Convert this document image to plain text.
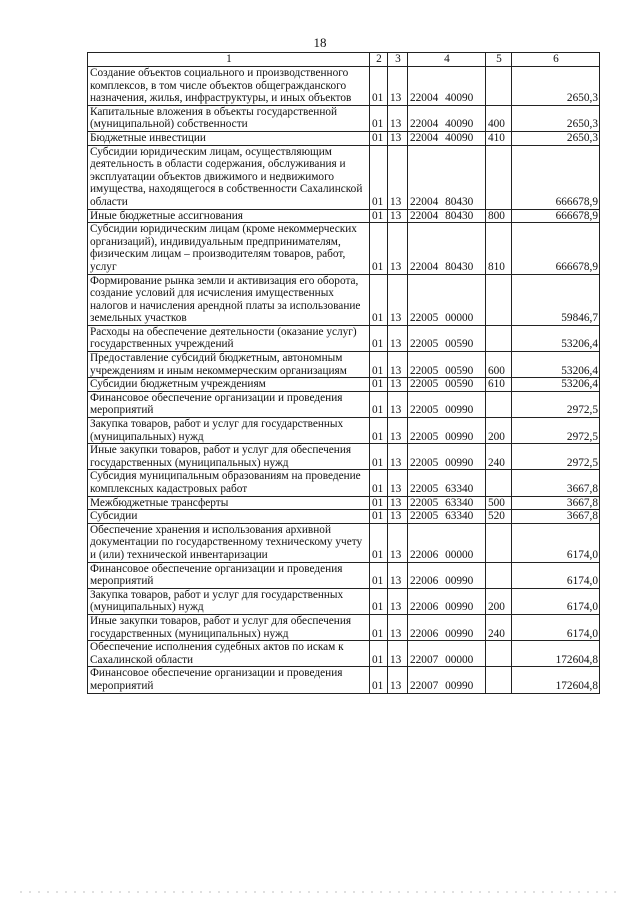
18
1	2	3	4	5	6
Создание объектов социального и производственного комплексов, в том числе объектов общегражданского назначения, жилья, инфраструктуры, и иных объектов	01	13	22004 40090		2650,3
Капитальные вложения в объекты государственной (муниципальной) собственности	01	13	22004 40090	400	2650,3
Бюджетные инвестиции	01	13	22004 40090	410	2650,3
Субсидии юридическим лицам, осуществляющим деятельность в области содержания, обслуживания и эксплуатации объектов движимого и недвижимого имущества, находящегося в собственности Сахалинской области	01	13	22004 80430		666678,9
Иные бюджетные ассигнования	01	13	22004 80430	800	666678,9
Субсидии юридическим лицам (кроме некоммерческих организаций), индивидуальным предпринимателям, физическим лицам – производителям товаров, работ, услуг	01	13	22004 80430	810	666678,9
Формирование рынка земли и активизация его оборота, создание условий для исчисления имущественных налогов и начисления арендной платы за использование земельных участков	01	13	22005 00000		59846,7
Расходы на обеспечение деятельности (оказание услуг) государственных учреждений	01	13	22005 00590		53206,4
Предоставление субсидий бюджетным, автономным учреждениям и иным некоммерческим организациям	01	13	22005 00590	600	53206,4
Субсидии бюджетным учреждениям	01	13	22005 00590	610	53206,4
Финансовое обеспечение организации и проведения мероприятий	01	13	22005 00990		2972,5
Закупка товаров, работ и услуг для государственных (муниципальных) нужд	01	13	22005 00990	200	2972,5
Иные закупки товаров, работ и услуг для обеспечения государственных (муниципальных) нужд	01	13	22005 00990	240	2972,5
Субсидия муниципальным образованиям на проведение комплексных кадастровых работ	01	13	22005 63340		3667,8
Межбюджетные трансферты	01	13	22005 63340	500	3667,8
Субсидии	01	13	22005 63340	520	3667,8
Обеспечение хранения и использования архивной документации по государственному техническому учету и (или) технической инвентаризации	01	13	22006 00000		6174,0
Финансовое обеспечение организации и проведения мероприятий	01	13	22006 00990		6174,0
Закупка товаров, работ и услуг для государственных (муниципальных) нужд	01	13	22006 00990	200	6174,0
Иные закупки товаров, работ и услуг для обеспечения государственных (муниципальных) нужд	01	13	22006 00990	240	6174,0
Обеспечение исполнения судебных актов по искам к Сахалинской области	01	13	22007 00000		172604,8
Финансовое обеспечение организации и проведения мероприятий	01	13	22007 00990		172604,8
